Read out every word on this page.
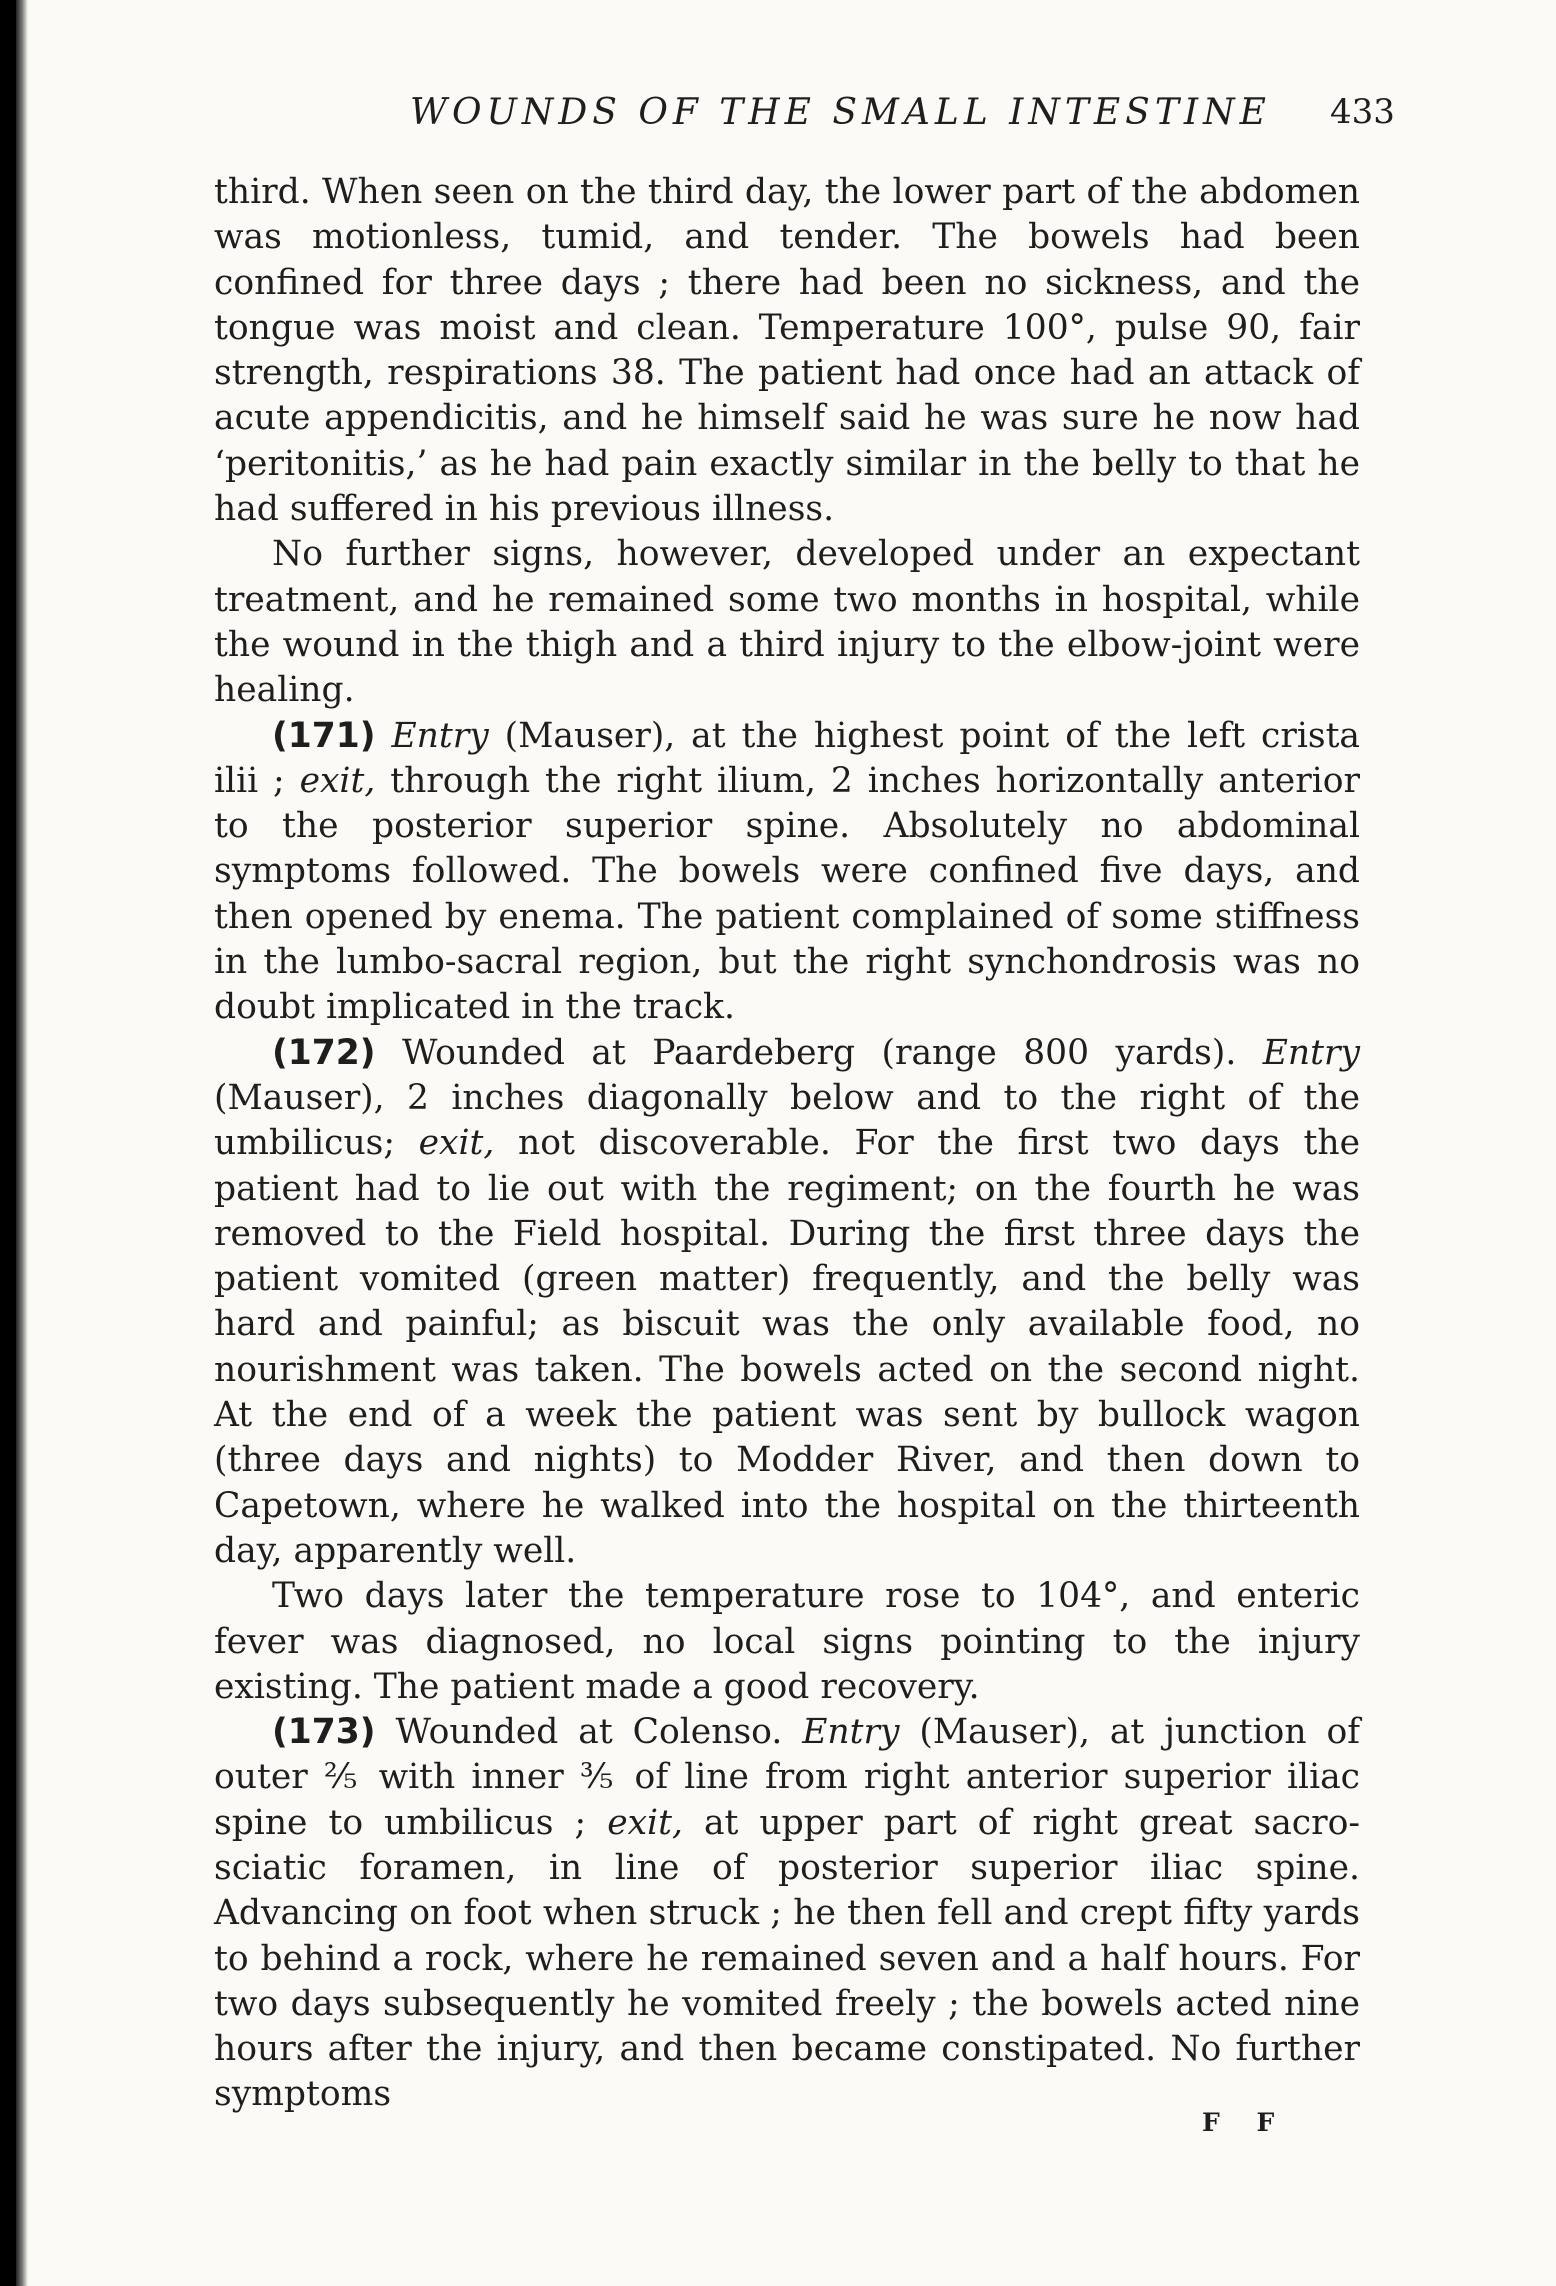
WOUNDS OF THE SMALL INTESTINE 433

third. When seen on the third day, the lower part of the abdomen was motionless, tumid, and tender. The bowels had been confined for three days ; there had been no sickness, and the tongue was moist and clean. Temperature 100°, pulse 90, fair strength, respirations 38. The patient had once had an attack of acute appendicitis, and he himself said he was sure he now had ‘peritonitis,’ as he had pain exactly similar in the belly to that he had suffered in his previous illness.

No further signs, however, developed under an expectant treatment, and he remained some two months in hospital, while the wound in the thigh and a third injury to the elbow-joint were healing.

(171) Entry (Mauser), at the highest point of the left crista ilii ; exit, through the right ilium, 2 inches horizontally anterior to the posterior superior spine. Absolutely no abdominal symptoms followed. The bowels were confined five days, and then opened by enema. The patient complained of some stiffness in the lumbo-sacral region, but the right synchondrosis was no doubt implicated in the track.

(172) Wounded at Paardeberg (range 800 yards). Entry (Mauser), 2 inches diagonally below and to the right of the umbilicus; exit, not discoverable. For the first two days the patient had to lie out with the regiment; on the fourth he was removed to the Field hospital. During the first three days the patient vomited (green matter) frequently, and the belly was hard and painful; as biscuit was the only available food, no nourishment was taken. The bowels acted on the second night. At the end of a week the patient was sent by bullock wagon (three days and nights) to Modder River, and then down to Capetown, where he walked into the hospital on the thirteenth day, apparently well.

Two days later the temperature rose to 104°, and enteric fever was diagnosed, no local signs pointing to the injury existing. The patient made a good recovery.

(173) Wounded at Colenso. Entry (Mauser), at junction of outer ⅖ with inner ⅗ of line from right anterior superior iliac spine to umbilicus ; exit, at upper part of right great sacro-sciatic foramen, in line of posterior superior iliac spine. Advancing on foot when struck ; he then fell and crept fifty yards to behind a rock, where he remained seven and a half hours. For two days subsequently he vomited freely ; the bowels acted nine hours after the injury, and then became constipated. No further symptoms

F F
